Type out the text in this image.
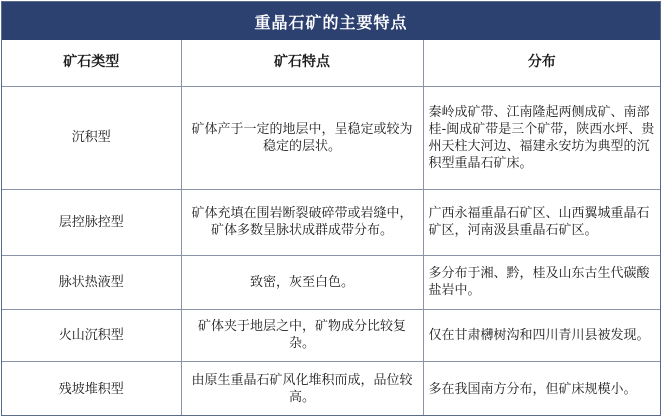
重晶石矿的主要特点
矿石类型	矿石特点	分布
沉积型	矿体产于一定的地层中，呈稳定或较为稳定的层状。	秦岭成矿带、江南隆起两侧成矿、南部桂-闽成矿带是三个矿带，陕西水坪、贵州天柱大河边、福建永安坊为典型的沉积型重晶石矿床。
层控脉控型	矿体充填在围岩断裂破碎带或岩缝中，矿体多数呈脉状成群成带分布。	广西永福重晶石矿区、山西翼城重晶石矿区，河南汲县重晶石矿区。
脉状热液型	致密，灰至白色。	多分布于湘、黔，桂及山东古生代碳酸盐岩中。
火山沉积型	矿体夹于地层之中，矿物成分比较复杂。	仅在甘肃欂树沟和四川青川县被发现。
残坡堆积型	由原生重晶石矿风化堆积而成，品位较高。	多在我国南方分布，但矿床规模小。
